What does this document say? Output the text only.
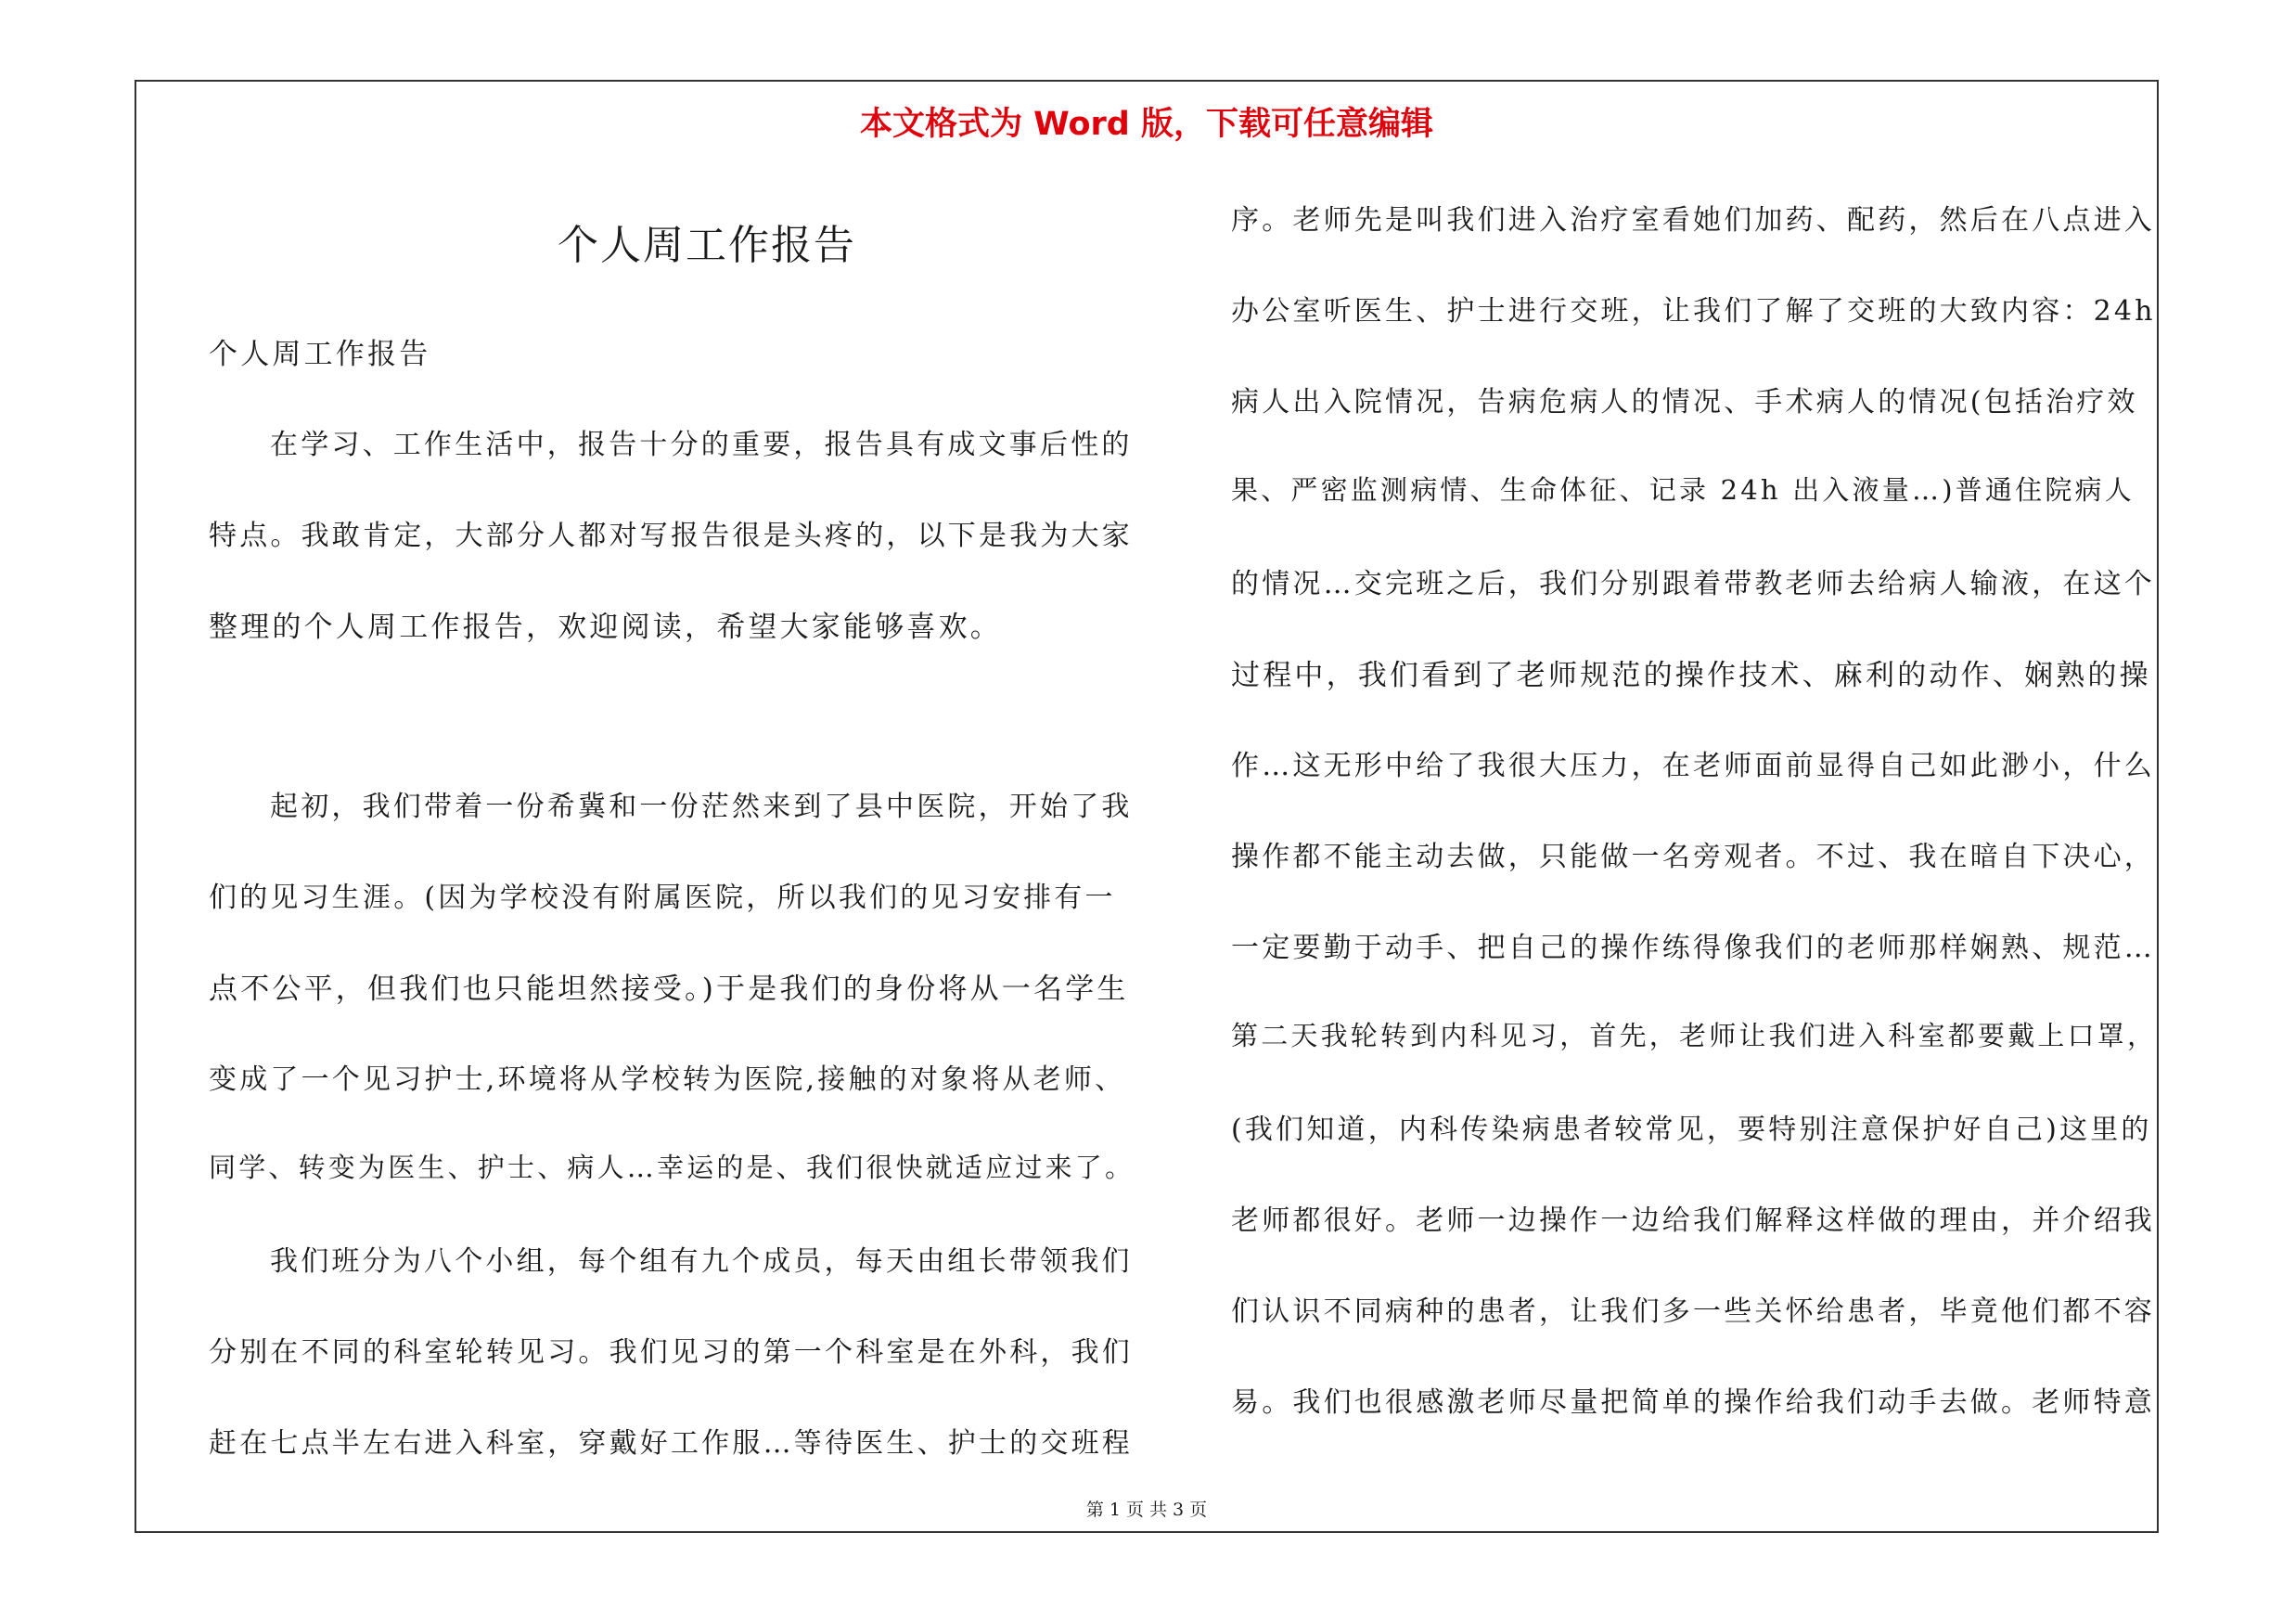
本文格式为 Word 版，下载可任意编辑
个人周工作报告
个人周工作报告
在学习、工作生活中，报告十分的重要，报告具有成文事后性的
特点。我敢肯定，大部分人都对写报告很是头疼的，以下是我为大家
整理的个人周工作报告，欢迎阅读，希望大家能够喜欢。
起初，我们带着一份希冀和一份茫然来到了县中医院，开始了我
们的见习生涯。(因为学校没有附属医院，所以我们的见习安排有一
点不公平，但我们也只能坦然接受。)于是我们的身份将从一名学生
变成了一个见习护士,环境将从学校转为医院,接触的对象将从老师、
同学、转变为医生、护士、病人…幸运的是、我们很快就适应过来了。
我们班分为八个小组，每个组有九个成员，每天由组长带领我们
分别在不同的科室轮转见习。我们见习的第一个科室是在外科，我们
赶在七点半左右进入科室，穿戴好工作服…等待医生、护士的交班程
序。老师先是叫我们进入治疗室看她们加药、配药，然后在八点进入
办公室听医生、护士进行交班，让我们了解了交班的大致内容：24h
病人出入院情况，告病危病人的情况、手术病人的情况(包括治疗效
果、严密监测病情、生命体征、记录 24h 出入液量…)普通住院病人
的情况…交完班之后，我们分别跟着带教老师去给病人输液，在这个
过程中，我们看到了老师规范的操作技术、麻利的动作、娴熟的操
作…这无形中给了我很大压力，在老师面前显得自己如此渺小，什么
操作都不能主动去做，只能做一名旁观者。不过、我在暗自下决心，
一定要勤于动手、把自己的操作练得像我们的老师那样娴熟、规范…
第二天我轮转到内科见习，首先，老师让我们进入科室都要戴上口罩，
(我们知道，内科传染病患者较常见，要特别注意保护好自己)这里的
老师都很好。老师一边操作一边给我们解释这样做的理由，并介绍我
们认识不同病种的患者，让我们多一些关怀给患者，毕竟他们都不容
易。我们也很感激老师尽量把简单的操作给我们动手去做。老师特意
第 1 页 共 3 页
